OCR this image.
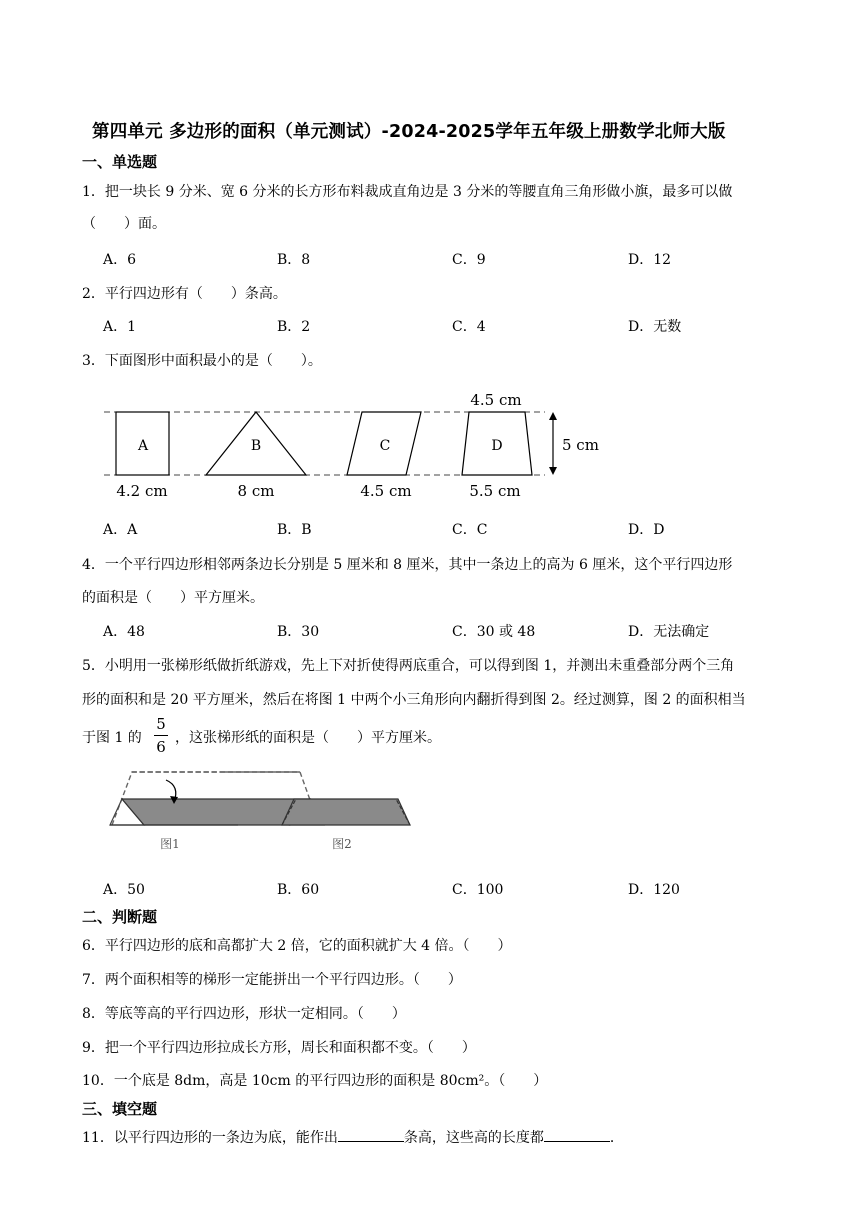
第四单元 多边形的面积（单元测试）-2024-2025学年五年级上册数学北师大版
一、单选题
1．把一块长 9 分米、宽 6 分米的长方形布料裁成直角边是 3 分米的等腰直角三角形做小旗，最多可以做
（　　）面。
A．6	B．8	C．9	D．12
2．平行四边形有（　　）条高。
A．1	B．2	C．4	D．无数
3．下面图形中面积最小的是（　　）。
A	B	C	D	5 cm
4.5 cm
4.2 cm	8 cm	4.5 cm	5.5 cm
A．A	B．B	C．C	D．D
4．一个平行四边形相邻两条边长分别是 5 厘米和 8 厘米，其中一条边上的高为 6 厘米，这个平行四边形
的面积是（　　）平方厘米。
A．48	B．30	C．30 或 48	D．无法确定
5．小明用一张梯形纸做折纸游戏，先上下对折使得两底重合，可以得到图 1，并测出未重叠部分两个三角
形的面积和是 20 平方厘米，然后在将图 1 中两个小三角形向内翻折得到图 2。经过测算，图 2 的面积相当
于图 1 的
5
6 ，这张梯形纸的面积是（　　）平方厘米。
图1	图2
A．50	B．60	C．100	D．120
二、判断题
6．平行四边形的底和高都扩大 2 倍，它的面积就扩大 4 倍。（　　）
7．两个面积相等的梯形一定能拼出一个平行四边形。（　　）
8．等底等高的平行四边形，形状一定相同。（　　）
9．把一个平行四边形拉成长方形，周长和面积都不变。（　　）
10．一个底是 8dm，高是 10cm 的平行四边形的面积是 80cm²。（　　）
三、填空题
11．以平行四边形的一条边为底，能作出	条高，这些高的长度都	．
